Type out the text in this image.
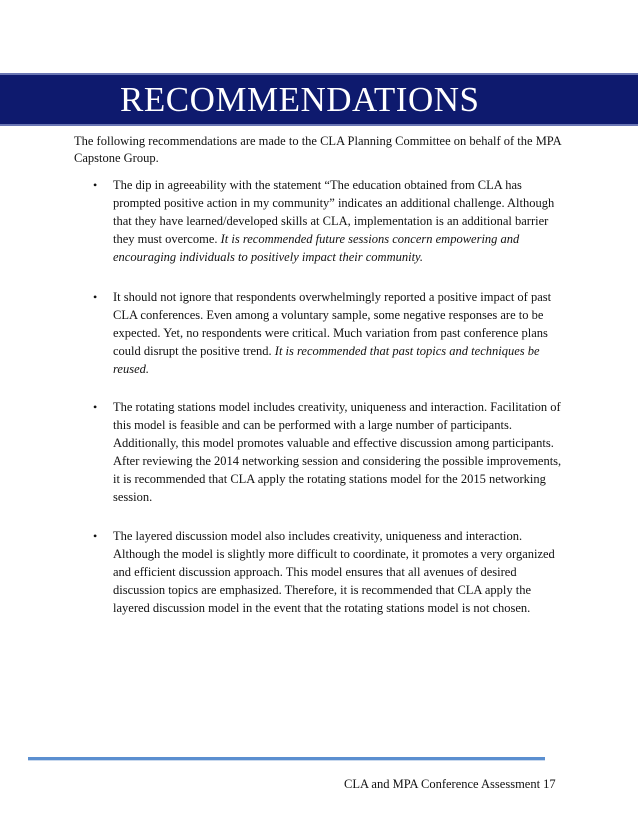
RECOMMENDATIONS
The following recommendations are made to the CLA Planning Committee on behalf of the MPA Capstone Group.
• The dip in agreeability with the statement “The education obtained from CLA has prompted positive action in my community” indicates an additional challenge. Although that they have learned/developed skills at CLA, implementation is an additional barrier they must overcome. It is recommended future sessions concern empowering and encouraging individuals to positively impact their community.
• It should not ignore that respondents overwhelmingly reported a positive impact of past CLA conferences. Even among a voluntary sample, some negative responses are to be expected. Yet, no respondents were critical. Much variation from past conference plans could disrupt the positive trend. It is recommended that past topics and techniques be reused.
• The rotating stations model includes creativity, uniqueness and interaction. Facilitation of this model is feasible and can be performed with a large number of participants. Additionally, this model promotes valuable and effective discussion among participants. After reviewing the 2014 networking session and considering the possible improvements, it is recommended that CLA apply the rotating stations model for the 2015 networking session.
• The layered discussion model also includes creativity, uniqueness and interaction. Although the model is slightly more difficult to coordinate, it promotes a very organized and efficient discussion approach. This model ensures that all avenues of desired discussion topics are emphasized. Therefore, it is recommended that CLA apply the layered discussion model in the event that the rotating stations model is not chosen.
CLA and MPA Conference Assessment 17
